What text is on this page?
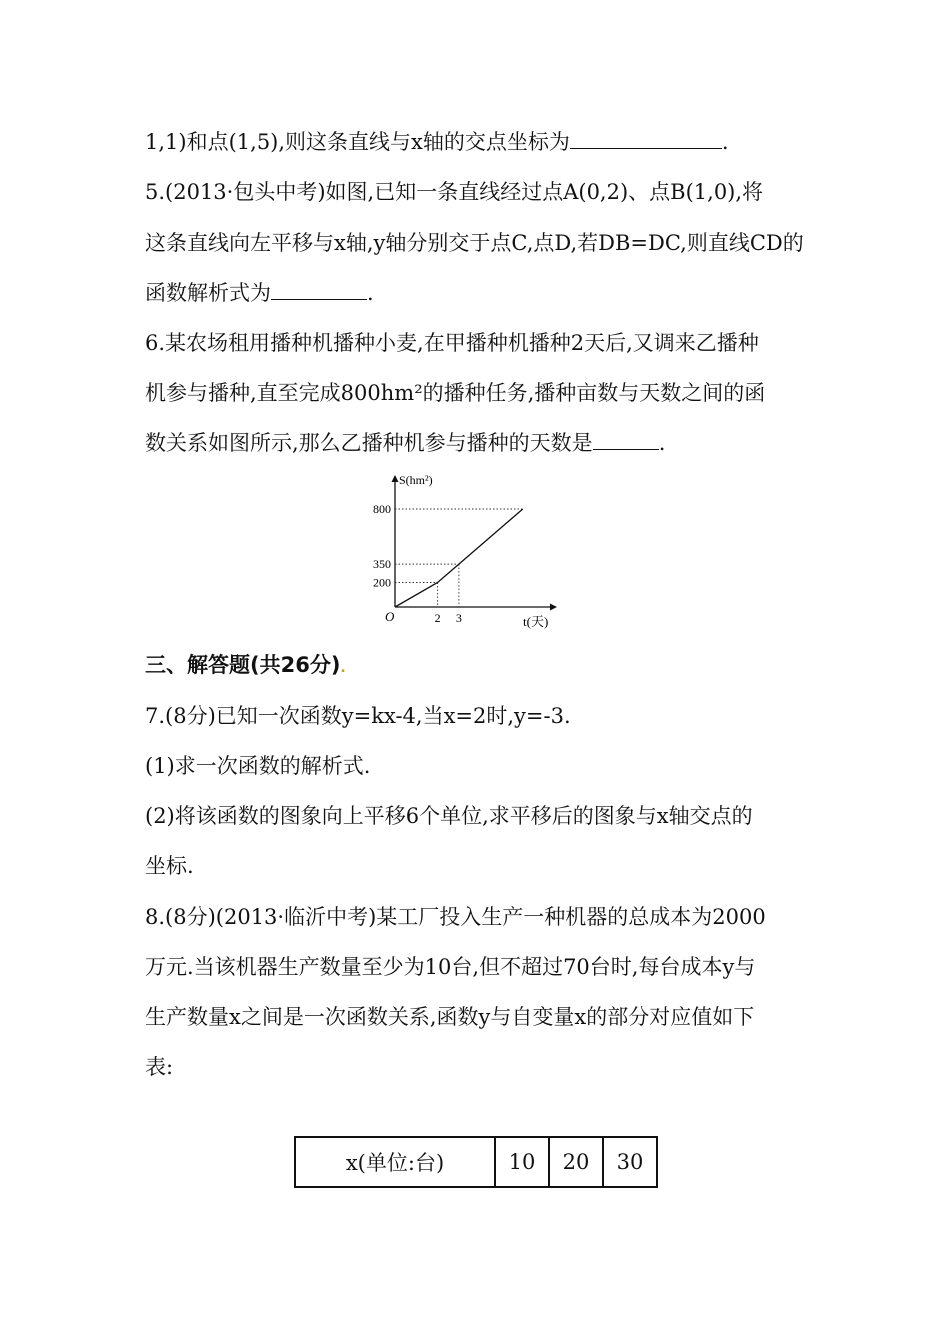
1,1)和点(1,5),则这条直线与x轴的交点坐标为	.
5.(2013·包头中考)如图,已知一条直线经过点A(0,2)、点B(1,0),将
这条直线向左平移与x轴,y轴分别交于点C,点D,若DB=DC,则直线CD的
函数解析式为	.
6.某农场租用播种机播种小麦,在甲播种机播种2天后,又调来乙播种
机参与播种,直至完成800hm²的播种任务,播种亩数与天数之间的函
数关系如图所示,那么乙播种机参与播种的天数是	.
200
350
800
2 3
S(hm²)
t(天)
O
三、解答题(共26分).
7.(8分)已知一次函数y=kx-4,当x=2时,y=-3.
(1)求一次函数的解析式.
(2)将该函数的图象向上平移6个单位,求平移后的图象与x轴交点的
坐标.
8.(8分)(2013·临沂中考)某工厂投入生产一种机器的总成本为2000
万元.当该机器生产数量至少为10台,但不超过70台时,每台成本y与
生产数量x之间是一次函数关系,函数y与自变量x的部分对应值如下
表:
x(单位:台)	10	20	30
